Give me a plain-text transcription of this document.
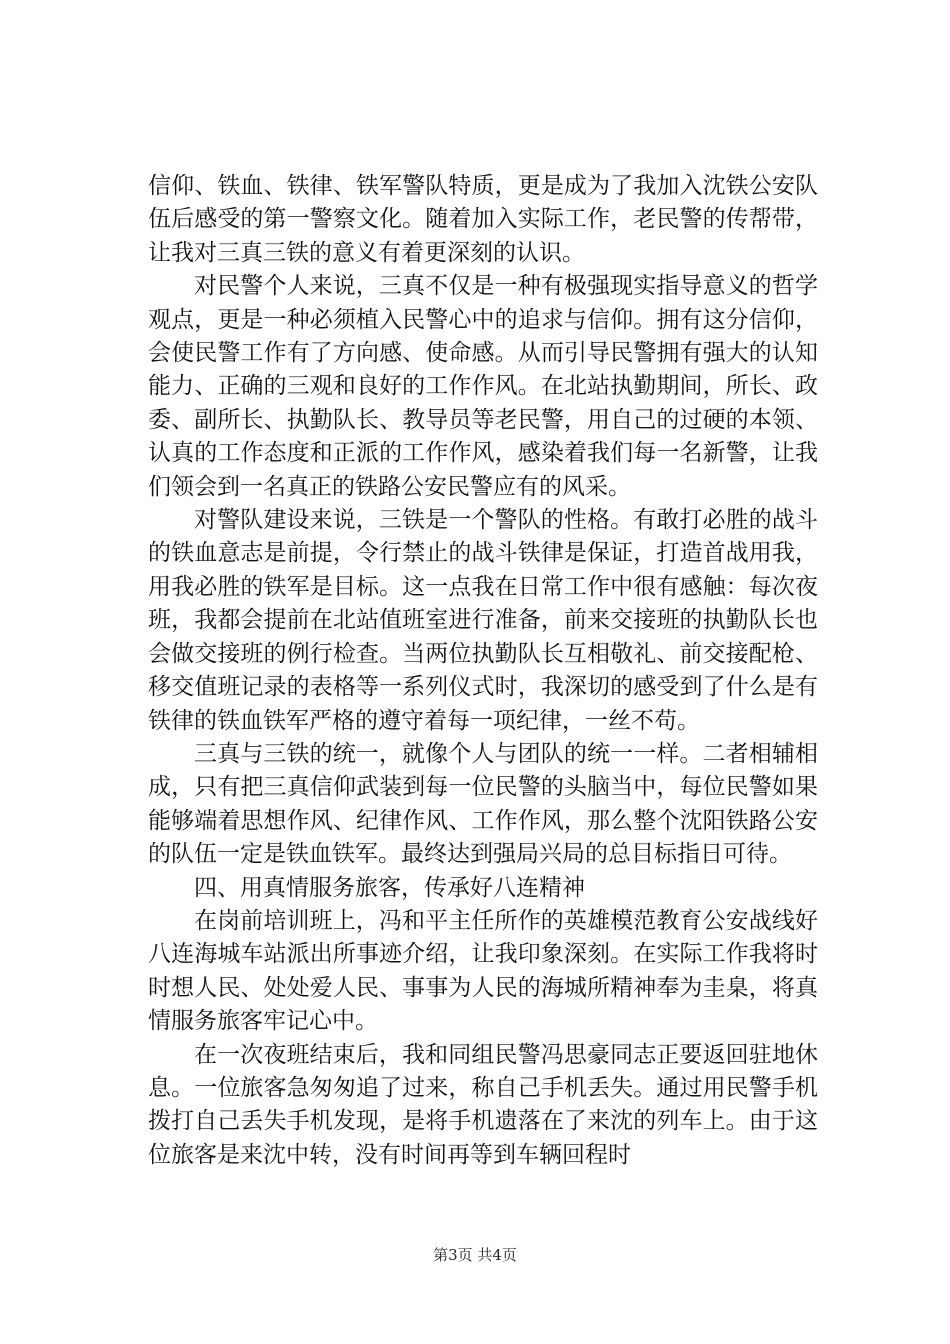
信仰、铁血、铁律、铁军警队特质，更是成为了我加入沈铁公安队伍后感受的第一警察文化。随着加入实际工作，老民警的传帮带，让我对三真三铁的意义有着更深刻的认识。

对民警个人来说，三真不仅是一种有极强现实指导意义的哲学观点，更是一种必须植入民警心中的追求与信仰。拥有这分信仰，会使民警工作有了方向感、使命感。从而引导民警拥有强大的认知能力、正确的三观和良好的工作作风。在北站执勤期间，所长、政委、副所长、执勤队长、教导员等老民警，用自己的过硬的本领、认真的工作态度和正派的工作作风，感染着我们每一名新警，让我们领会到一名真正的铁路公安民警应有的风采。

对警队建设来说，三铁是一个警队的性格。有敢打必胜的战斗的铁血意志是前提，令行禁止的战斗铁律是保证，打造首战用我，用我必胜的铁军是目标。这一点我在日常工作中很有感触：每次夜班，我都会提前在北站值班室进行准备，前来交接班的执勤队长也会做交接班的例行检查。当两位执勤队长互相敬礼、前交接配枪、移交值班记录的表格等一系列仪式时，我深切的感受到了什么是有铁律的铁血铁军严格的遵守着每一项纪律，一丝不苟。

三真与三铁的统一，就像个人与团队的统一一样。二者相辅相成，只有把三真信仰武装到每一位民警的头脑当中，每位民警如果能够端着思想作风、纪律作风、工作作风，那么整个沈阳铁路公安的队伍一定是铁血铁军。最终达到强局兴局的总目标指日可待。

四、用真情服务旅客，传承好八连精神

在岗前培训班上，冯和平主任所作的英雄模范教育公安战线好八连海城车站派出所事迹介绍，让我印象深刻。在实际工作我将时时想人民、处处爱人民、事事为人民的海城所精神奉为圭臬，将真情服务旅客牢记心中。

在一次夜班结束后，我和同组民警冯思豪同志正要返回驻地休息。一位旅客急匆匆追了过来，称自己手机丢失。通过用民警手机拨打自己丢失手机发现，是将手机遗落在了来沈的列车上。由于这位旅客是来沈中转，没有时间再等到车辆回程时

第3页 共4页
